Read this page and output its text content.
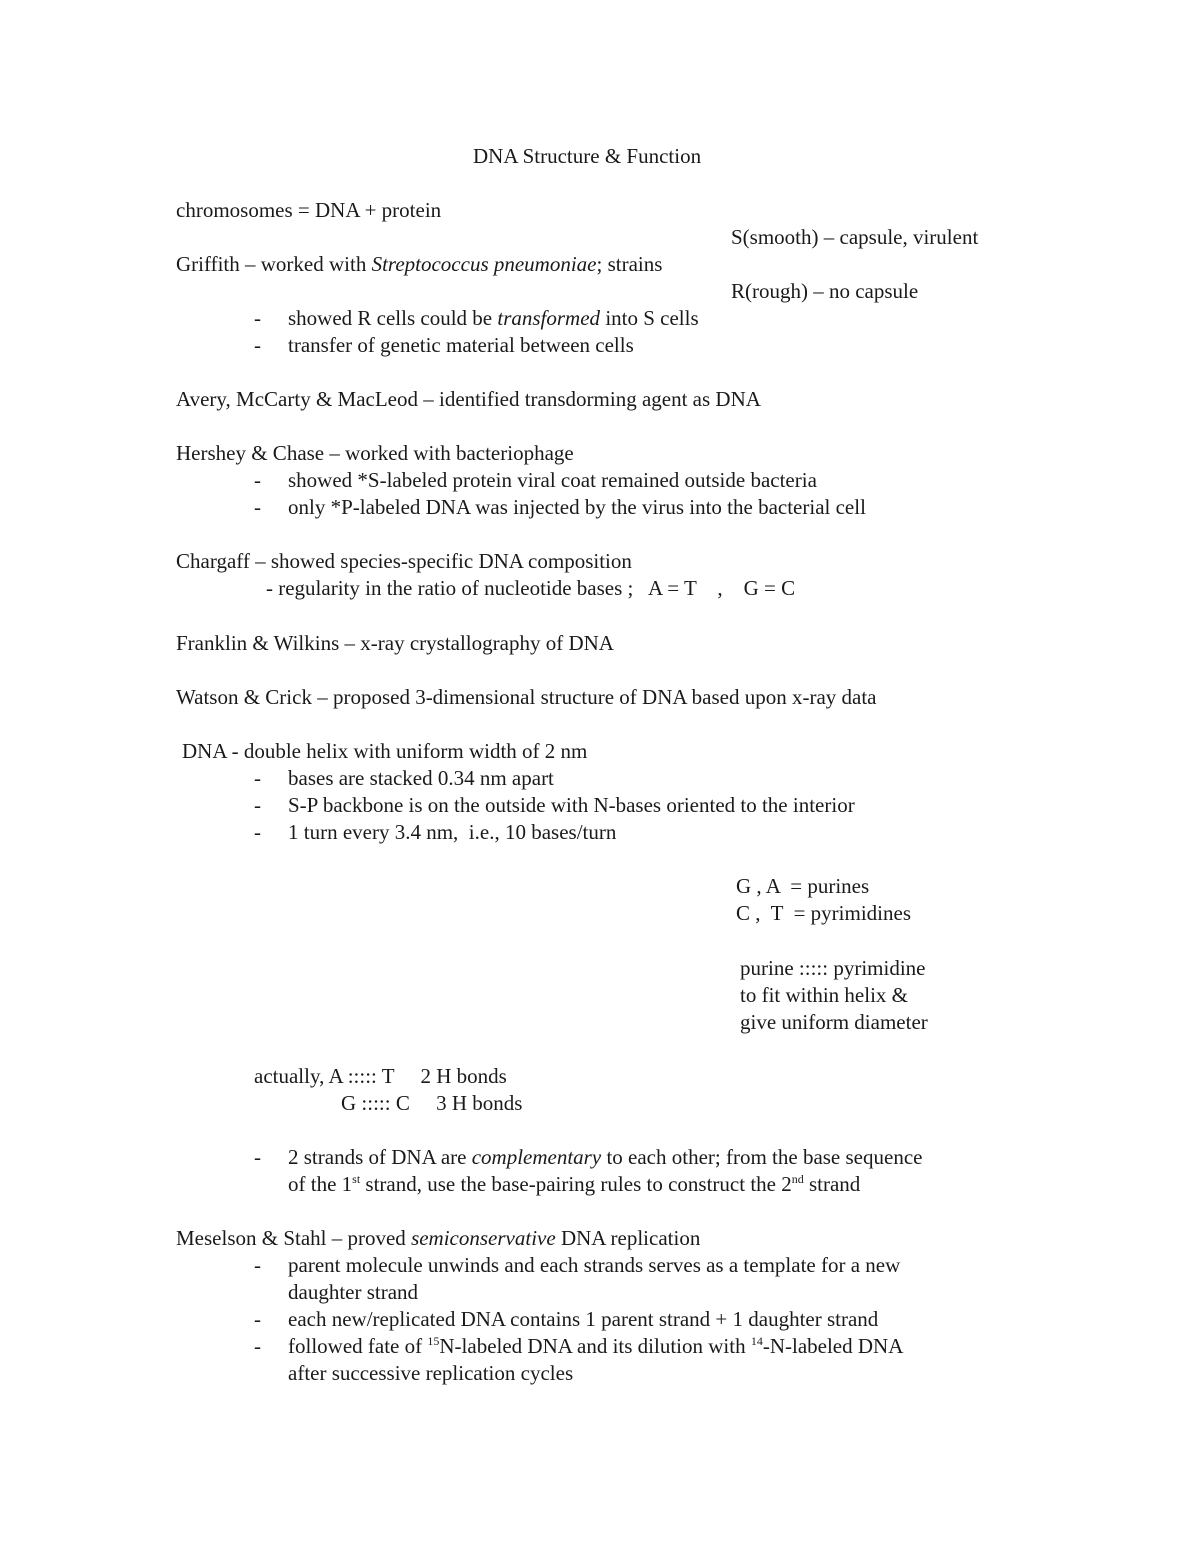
DNA Structure & Function
chromosomes = DNA + protein
S(smooth) – capsule, virulent
Griffith – worked with Streptococcus pneumoniae; strains
R(rough) – no capsule
- showed R cells could be transformed into S cells
- transfer of genetic material between cells
Avery, McCarty & MacLeod – identified transdorming agent as DNA
Hershey & Chase – worked with bacteriophage
- showed *S-labeled protein viral coat remained outside bacteria
- only *P-labeled DNA was injected by the virus into the bacterial cell
Chargaff – showed species-specific DNA composition
- regularity in the ratio of nucleotide bases ;   A = T    ,    G = C
Franklin & Wilkins – x-ray crystallography of DNA
Watson & Crick – proposed 3-dimensional structure of DNA based upon x-ray data
DNA - double helix with uniform width of 2 nm
- bases are stacked 0.34 nm apart
- S-P backbone is on the outside with N-bases oriented to the interior
- 1 turn every 3.4 nm,  i.e., 10 bases/turn
G , A  = purines
C ,  T  = pyrimidines
purine ::::: pyrimidine
to fit within helix &
give uniform diameter
actually, A ::::: T     2 H bonds
G ::::: C     3 H bonds
- 2 strands of DNA are complementary to each other; from the base sequence
of the 1st strand, use the base-pairing rules to construct the 2nd strand
Meselson & Stahl – proved semiconservative DNA replication
- parent molecule unwinds and each strands serves as a template for a new
daughter strand
- each new/replicated DNA contains 1 parent strand + 1 daughter strand
- followed fate of $^{15}$N-labeled DNA and its dilution with $^{14}$-N-labeled DNA
after successive replication cycles
